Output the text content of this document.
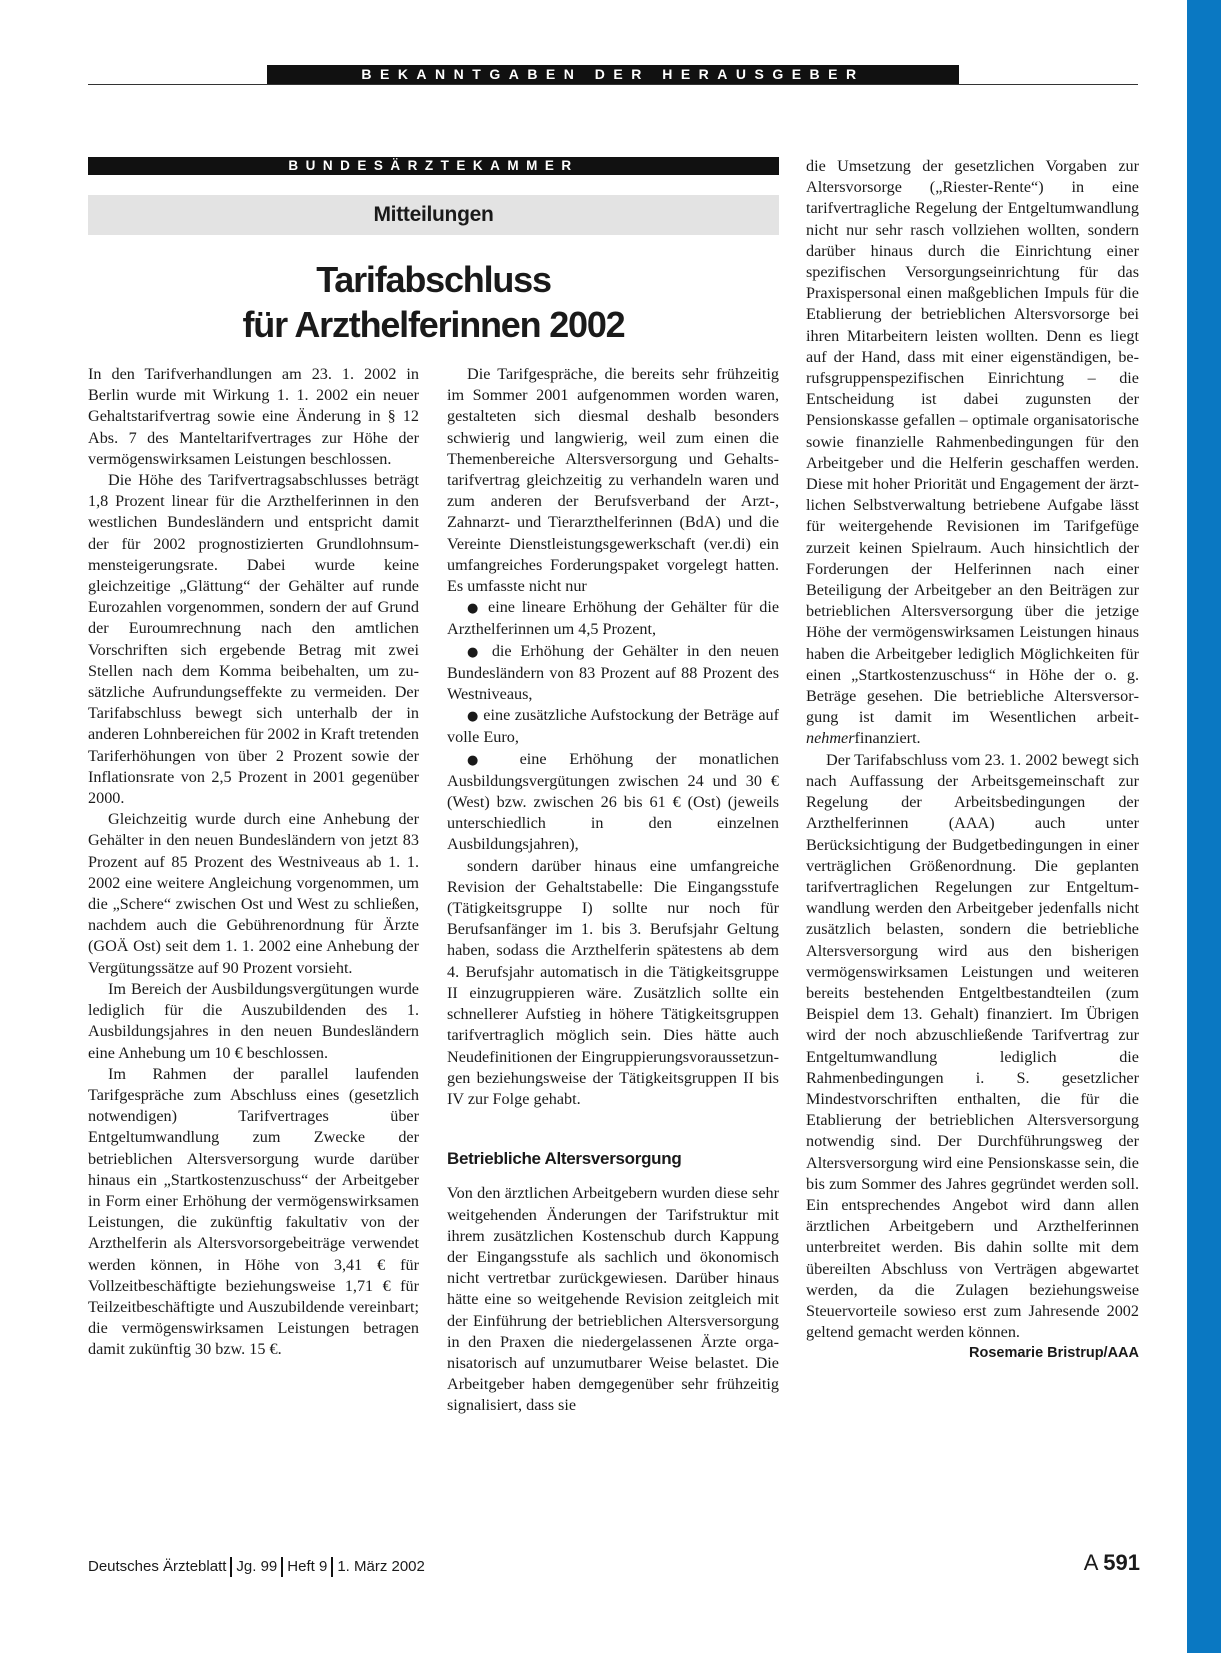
BEKANNTGABEN DER HERAUSGEBER
BUNDESÄRZTEKAMMER
Mitteilungen
Tarifabschluss
für Arzthelferinnen 2002

In den Tarifverhandlungen am 23. 1. 2002 in Berlin wurde mit Wirkung 1. 1. 2002 ein neuer Gehaltstarifvertrag sowie eine Änderung in § 12 Abs. 7 des Manteltarifvertrages zur Höhe der vermögenswirksamen Leistungen beschlossen.

Die Höhe des Tarifvertragsabschlusses beträgt 1,8 Prozent linear für die Arzthelferinnen in den westlichen Bundesländern und entspricht damit der für 2002 prognostizierten Grundlohnsummensteigerungsrate. Dabei wurde keine gleichzeitige „Glättung“ der Gehälter auf runde Eurozahlen vorgenommen, sondern der auf Grund der Euroumrechnung nach den amtlichen Vorschriften sich ergebende Betrag mit zwei Stellen nach dem Komma beibehalten, um zusätzliche Aufrundungseffekte zu vermeiden. Der Tarifabschluss bewegt sich unterhalb der in anderen Lohnbereichen für 2002 in Kraft tretenden Tariferhöhungen von über 2 Prozent sowie der Inflationsrate von 2,5 Prozent in 2001 gegenüber 2000.

Gleichzeitig wurde durch eine Anhebung der Gehälter in den neuen Bundesländern von jetzt 83 Prozent auf 85 Prozent des Westniveaus ab 1. 1. 2002 eine weitere Angleichung vorgenommen, um die „Schere“ zwischen Ost und West zu schließen, nachdem auch die Gebührenordnung für Ärzte (GOÄ Ost) seit dem 1. 1. 2002 eine Anhebung der Vergütungssätze auf 90 Prozent vorsieht.

Im Bereich der Ausbildungsvergütungen wurde lediglich für die Auszubildenden des 1. Ausbildungsjahres in den neuen Bundesländern eine Anhebung um 10 € beschlossen.

Im Rahmen der parallel laufenden Tarifgespräche zum Abschluss eines (gesetzlich notwendigen) Tarifvertrages über Entgeltumwandlung zum Zwecke der betrieblichen Altersversorgung wurde darüber hinaus ein „Startkostenzuschuss“ der Arbeitgeber in Form einer Erhöhung der vermögenswirksamen Leistungen, die zukünftig fakultativ von der Arzthelferin als Altersvorsorgebeiträge verwendet werden können, in Höhe von 3,41 € für Vollzeitbeschäftigte beziehungsweise 1,71 € für Teilzeitbeschäftigte und Auszubildende vereinbart; die vermögenswirksamen Leistungen betragen damit zukünftig 30 bzw. 15 €.

Die Tarifgespräche, die bereits sehr frühzeitig im Sommer 2001 aufgenommen worden waren, gestalteten sich diesmal deshalb besonders schwierig und langwierig, weil zum einen die Themenbereiche Altersversorgung und Gehaltstarifvertrag gleichzeitig zu verhandeln waren und zum anderen der Berufsverband der Arzt-, Zahnarzt- und Tierarzthelferinnen (BdA) und die Vereinte Dienstleistungsgewerkschaft (ver.di) ein umfangreiches Forderungspaket vorgelegt hatten. Es umfasste nicht nur

● eine lineare Erhöhung der Gehälter für die Arzthelferinnen um 4,5 Prozent,

● die Erhöhung der Gehälter in den neuen Bundesländern von 83 Prozent auf 88 Prozent des Westniveaus,

● eine zusätzliche Aufstockung der Beträge auf volle Euro,

● eine Erhöhung der monatlichen Ausbildungsvergütungen zwischen 24 und 30 € (West) bzw. zwischen 26 bis 61 € (Ost) (jeweils unterschiedlich in den einzelnen Ausbildungsjahren),

sondern darüber hinaus eine umfangreiche Revision der Gehaltstabelle: Die Eingangsstufe (Tätigkeitsgruppe I) sollte nur noch für Berufsanfänger im 1. bis 3. Berufsjahr Geltung haben, sodass die Arzthelferin spätestens ab dem 4. Berufsjahr automatisch in die Tätigkeitsgruppe II einzugruppieren wäre. Zusätzlich sollte ein schnellerer Aufstieg in höhere Tätigkeitsgruppen tarifvertraglich möglich sein. Dies hätte auch Neudefinitionen der Eingruppierungsvoraussetzungen beziehungsweise der Tätigkeitsgruppen II bis IV zur Folge gehabt.

Betriebliche Altersversorgung

Von den ärztlichen Arbeitgebern wurden diese sehr weitgehenden Änderungen der Tarifstruktur mit ihrem zusätzlichen Kostenschub durch Kappung der Eingangsstufe als sachlich und ökonomisch nicht vertretbar zurückgewiesen. Darüber hinaus hätte eine so weitgehende Revision zeitgleich mit der Einführung der betrieblichen Altersversorgung in den Praxen die niedergelassenen Ärzte organisatorisch auf unzumutbarer Weise belastet. Die Arbeitgeber haben demgegenüber sehr frühzeitig signalisiert, dass sie

die Umsetzung der gesetzlichen Vorgaben zur Altersvorsorge („Riester-Rente“) in eine tarifvertragliche Regelung der Entgeltumwandlung nicht nur sehr rasch vollziehen wollten, sondern darüber hinaus durch die Einrichtung einer spezifischen Versorgungseinrichtung für das Praxispersonal einen maßgeblichen Impuls für die Etablierung der betrieblichen Altersvorsorge bei ihren Mitarbeitern leisten wollten. Denn es liegt auf der Hand, dass mit einer eigenständigen, berufsgruppenspezifischen Einrichtung – die Entscheidung ist dabei zugunsten der Pensionskasse gefallen – optimale organisatorische sowie finanzielle Rahmenbedingungen für den Arbeitgeber und die Helferin geschaffen werden. Diese mit hoher Priorität und Engagement der ärztlichen Selbstverwaltung betriebene Aufgabe lässt für weitergehende Revisionen im Tarifgefüge zurzeit keinen Spielraum. Auch hinsichtlich der Forderungen der Helferinnen nach einer Beteiligung der Arbeitgeber an den Beiträgen zur betrieblichen Altersversorgung über die jetzige Höhe der vermögenswirksamen Leistungen hinaus haben die Arbeitgeber lediglich Möglichkeiten für einen „Startkostenzuschuss“ in Höhe der o. g. Beträge gesehen. Die betriebliche Altersversorgung ist damit im Wesentlichen arbeitnehmerfinanziert.

Der Tarifabschluss vom 23. 1. 2002 bewegt sich nach Auffassung der Arbeitsgemeinschaft zur Regelung der Arbeitsbedingungen der Arzthelferinnen (AAA) auch unter Berücksichtigung der Budgetbedingungen in einer verträglichen Größenordnung. Die geplanten tarifvertraglichen Regelungen zur Entgeltumwandlung werden den Arbeitgeber jedenfalls nicht zusätzlich belasten, sondern die betriebliche Altersversorgung wird aus den bisherigen vermögenswirksamen Leistungen und weiteren bereits bestehenden Entgeltbestandteilen (zum Beispiel dem 13. Gehalt) finanziert. Im Übrigen wird der noch abzuschließende Tarifvertrag zur Entgeltumwandlung lediglich die Rahmenbedingungen i. S. gesetzlicher Mindestvorschriften enthalten, die für die Etablierung der betrieblichen Altersversorgung notwendig sind. Der Durchführungsweg der Altersversorgung wird eine Pensionskasse sein, die bis zum Sommer des Jahres gegründet werden soll. Ein entsprechendes Angebot wird dann allen ärztlichen Arbeitgebern und Arzthelferinnen unterbreitet werden. Bis dahin sollte mit dem übereilten Abschluss von Verträgen abgewartet werden, da die Zulagen beziehungsweise Steuervorteile sowieso erst zum Jahresende 2002 geltend gemacht werden können.
Rosemarie Bristrup/AAA

Deutsches Ärzteblatt Jg. 99 Heft 9 1. März 2002	A 591
